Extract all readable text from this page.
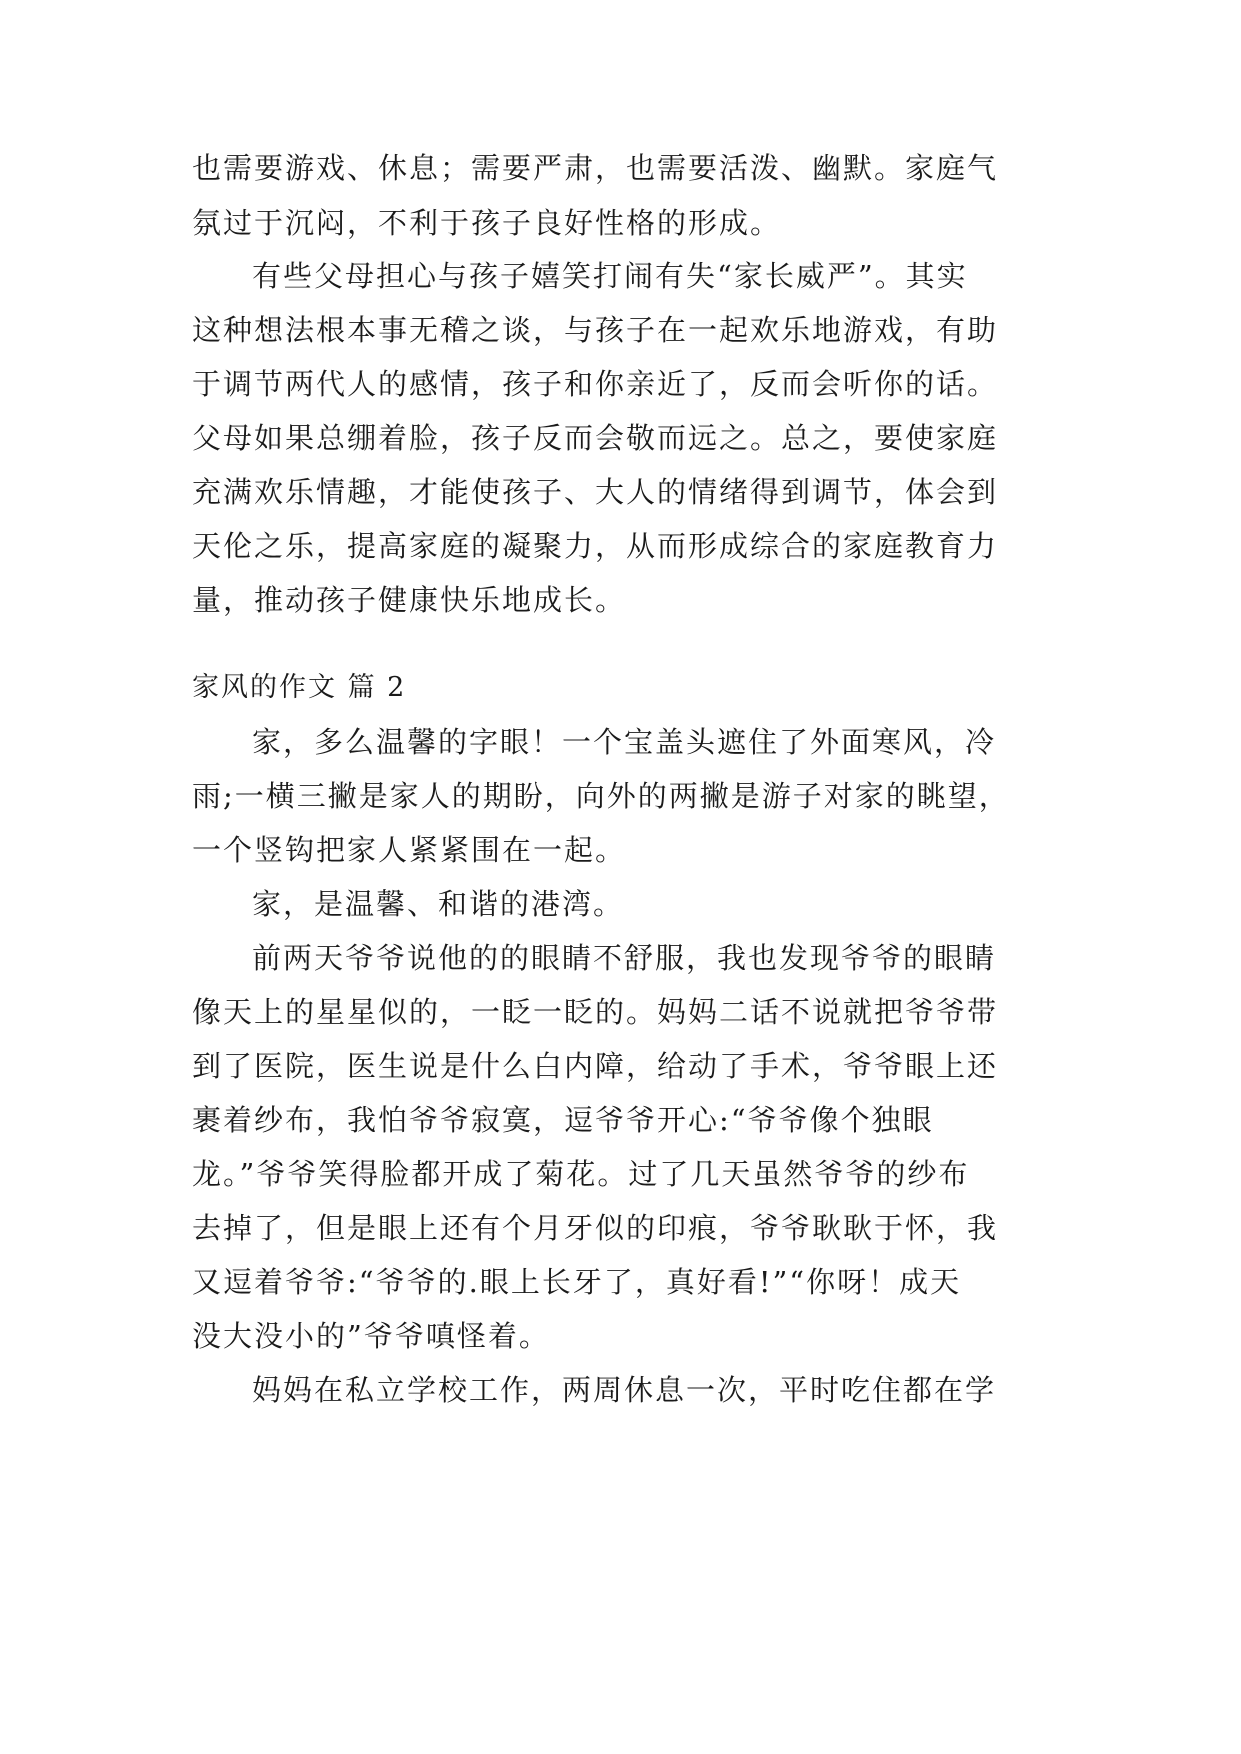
也需要游戏、休息；需要严肃，也需要活泼、幽默。家庭气
氛过于沉闷，不利于孩子良好性格的形成。
有些父母担心与孩子嬉笑打闹有失“家长威严”。其实
这种想法根本事无稽之谈，与孩子在一起欢乐地游戏，有助
于调节两代人的感情，孩子和你亲近了，反而会听你的话。
父母如果总绷着脸，孩子反而会敬而远之。总之，要使家庭
充满欢乐情趣，才能使孩子、大人的情绪得到调节，体会到
天伦之乐，提高家庭的凝聚力，从而形成综合的家庭教育力
量，推动孩子健康快乐地成长。
家风的作文 篇 2
家，多么温馨的字眼！一个宝盖头遮住了外面寒风，冷
雨;一横三撇是家人的期盼，向外的两撇是游子对家的眺望，
一个竖钩把家人紧紧围在一起。
家，是温馨、和谐的港湾。
前两天爷爷说他的的眼睛不舒服，我也发现爷爷的眼睛
像天上的星星似的，一眨一眨的。妈妈二话不说就把爷爷带
到了医院，医生说是什么白内障，给动了手术，爷爷眼上还
裹着纱布，我怕爷爷寂寞，逗爷爷开心:“爷爷像个独眼
龙。”爷爷笑得脸都开成了菊花。过了几天虽然爷爷的纱布
去掉了，但是眼上还有个月牙似的印痕，爷爷耿耿于怀，我
又逗着爷爷:“爷爷的.眼上长牙了，真好看!”“你呀！成天
没大没小的”爷爷嗔怪着。
妈妈在私立学校工作，两周休息一次，平时吃住都在学
